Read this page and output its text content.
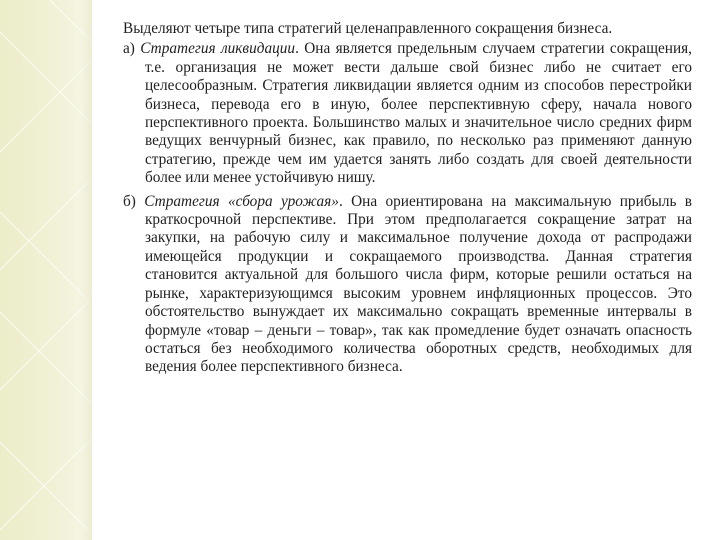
Выделяют четыре типа стратегий целенаправленного сокращения бизнеса.

а) Стратегия ликвидации. Она является предельным случаем стратегии сокращения, т.е. организация не может вести дальше свой бизнес либо не считает его целесообразным. Стратегия ликвидации является одним из способов перестройки бизнеса, перевода его в иную, более перспективную сферу, начала нового перспективного проекта. Большинство малых и значительное число средних фирм ведущих венчурный бизнес, как правило, по несколько раз применяют данную стратегию, прежде чем им удается занять либо создать для своей деятельности более или менее устойчивую нишу.

б) Стратегия «сбора урожая». Она ориентирована на максимальную прибыль в краткосрочной перспективе. При этом предполагается сокращение затрат на закупки, на рабочую силу и максимальное получение дохода от распродажи имеющейся продукции и сокращаемого производства. Данная стратегия становится актуальной для большого числа фирм, которые решили остаться на рынке, характеризующимся высоким уровнем инфляционных процессов. Это обстоятельство вынуждает их максимально сокращать временные интервалы в формуле «товар – деньги – товар», так как промедление будет означать опасность остаться без необходимого количества оборотных средств, необходимых для ведения более перспективного бизнеса.
